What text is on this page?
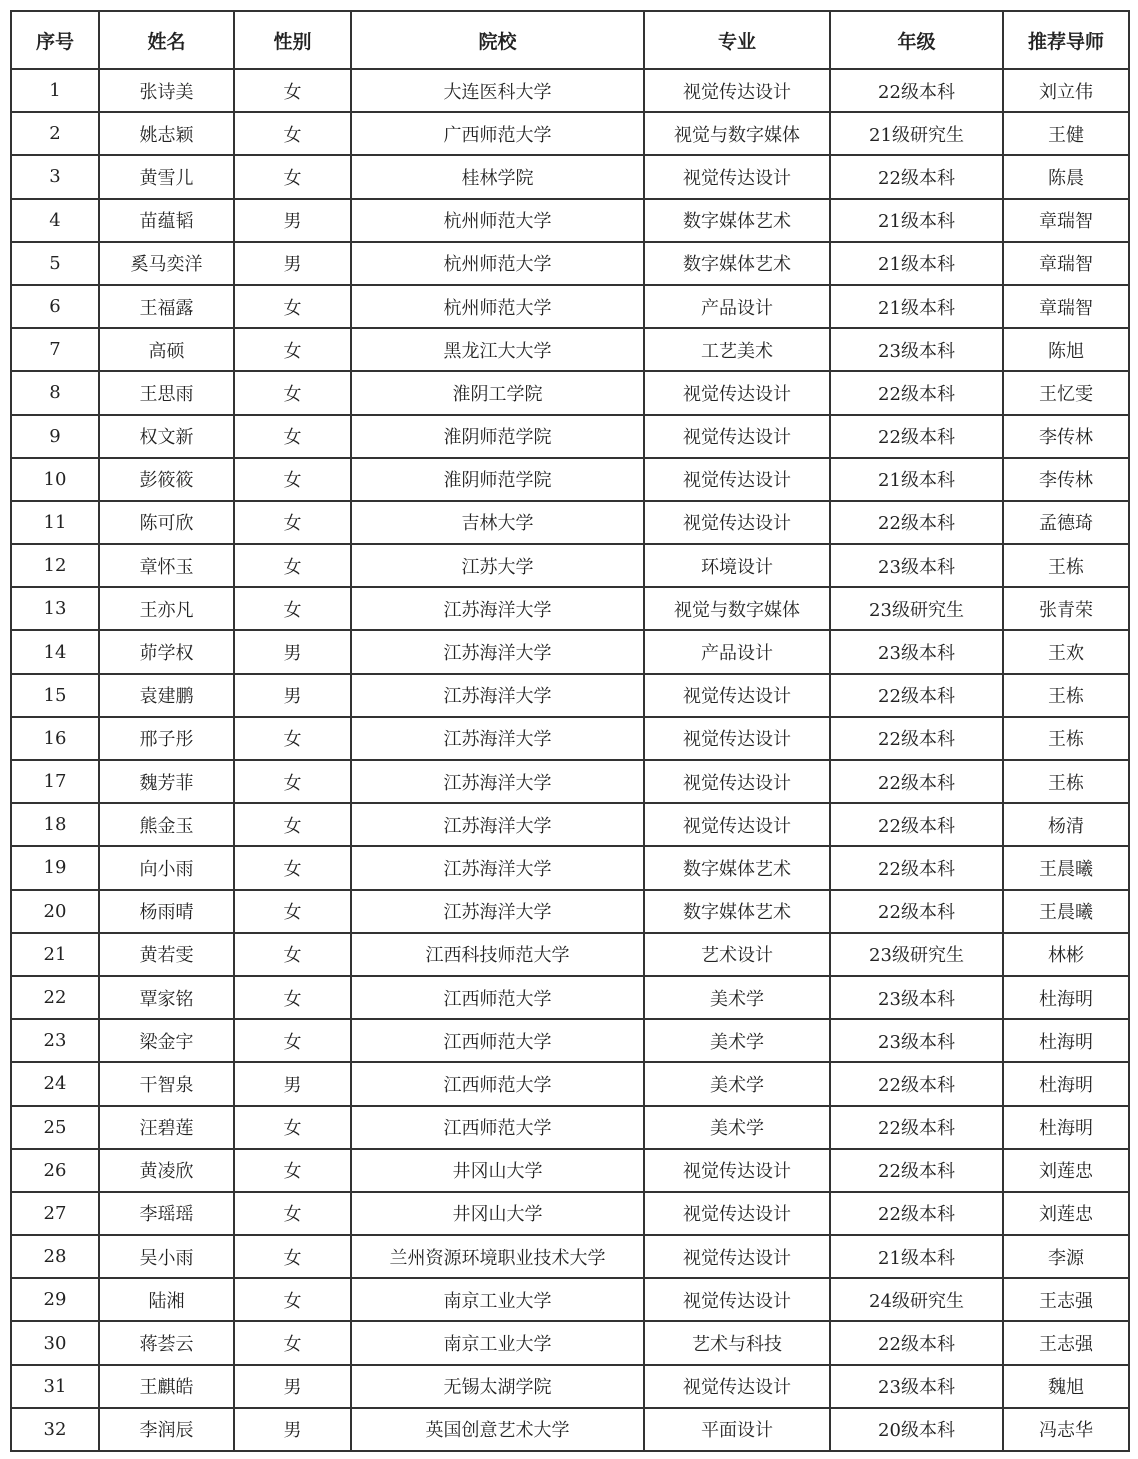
序号	姓名	性别	院校	专业	年级	推荐导师
1	张诗美	女	大连医科大学	视觉传达设计	22级本科	刘立伟
2	姚志颖	女	广西师范大学	视觉与数字媒体	21级研究生	王健
3	黄雪儿	女	桂林学院	视觉传达设计	22级本科	陈晨
4	苗蕴韬	男	杭州师范大学	数字媒体艺术	21级本科	章瑞智
5	奚马奕洋	男	杭州师范大学	数字媒体艺术	21级本科	章瑞智
6	王福露	女	杭州师范大学	产品设计	21级本科	章瑞智
7	高硕	女	黑龙江大大学	工艺美术	23级本科	陈旭
8	王思雨	女	淮阴工学院	视觉传达设计	22级本科	王忆雯
9	权文新	女	淮阴师范学院	视觉传达设计	22级本科	李传林
10	彭筱筱	女	淮阴师范学院	视觉传达设计	21级本科	李传林
11	陈可欣	女	吉林大学	视觉传达设计	22级本科	孟德琦
12	章怀玉	女	江苏大学	环境设计	23级本科	王栋
13	王亦凡	女	江苏海洋大学	视觉与数字媒体	23级研究生	张青荣
14	茆学权	男	江苏海洋大学	产品设计	23级本科	王欢
15	袁建鹏	男	江苏海洋大学	视觉传达设计	22级本科	王栋
16	邢子彤	女	江苏海洋大学	视觉传达设计	22级本科	王栋
17	魏芳菲	女	江苏海洋大学	视觉传达设计	22级本科	王栋
18	熊金玉	女	江苏海洋大学	视觉传达设计	22级本科	杨清
19	向小雨	女	江苏海洋大学	数字媒体艺术	22级本科	王晨曦
20	杨雨晴	女	江苏海洋大学	数字媒体艺术	22级本科	王晨曦
21	黄若雯	女	江西科技师范大学	艺术设计	23级研究生	林彬
22	覃家铭	女	江西师范大学	美术学	23级本科	杜海明
23	梁金宇	女	江西师范大学	美术学	23级本科	杜海明
24	干智泉	男	江西师范大学	美术学	22级本科	杜海明
25	汪碧莲	女	江西师范大学	美术学	22级本科	杜海明
26	黄凌欣	女	井冈山大学	视觉传达设计	22级本科	刘莲忠
27	李瑶瑶	女	井冈山大学	视觉传达设计	22级本科	刘莲忠
28	吴小雨	女	兰州资源环境职业技术大学	视觉传达设计	21级本科	李源
29	陆湘	女	南京工业大学	视觉传达设计	24级研究生	王志强
30	蒋荟云	女	南京工业大学	艺术与科技	22级本科	王志强
31	王麒皓	男	无锡太湖学院	视觉传达设计	23级本科	魏旭
32	李润辰	男	英国创意艺术大学	平面设计	20级本科	冯志华
